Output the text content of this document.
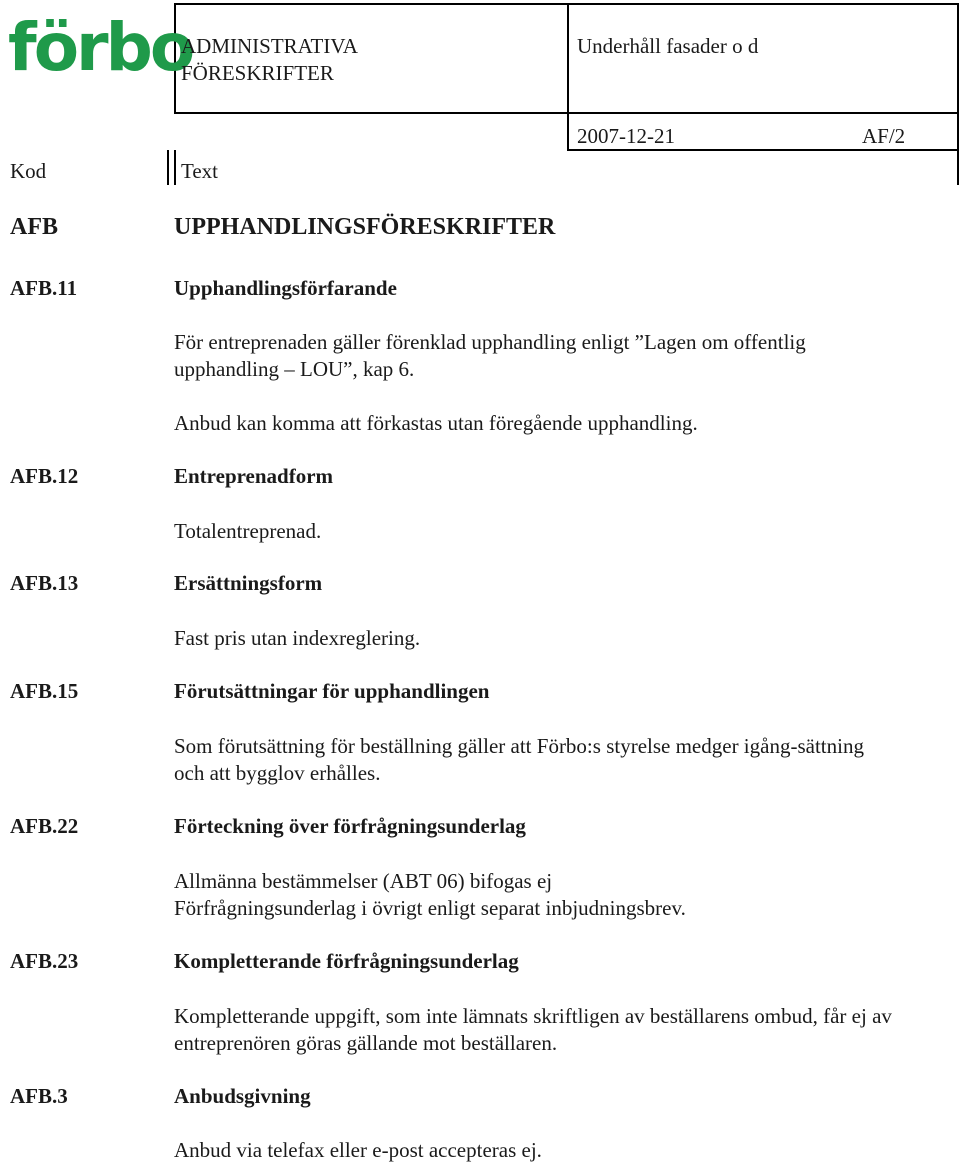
förbo
ADMINISTRATIVA
FÖRESKRIFTER
Underhåll fasader o d
2007-12-21	AF/2
Kod	Text
AFB	UPPHANDLINGSFÖRESKRIFTER
AFB.11	Upphandlingsförfarande
För entreprenaden gäller förenklad upphandling enligt ”Lagen om offentlig upphandling – LOU”, kap 6.
Anbud kan komma att förkastas utan föregående upphandling.
AFB.12	Entreprenadform
Totalentreprenad.
AFB.13	Ersättningsform
Fast pris utan indexreglering.
AFB.15	Förutsättningar för upphandlingen
Som förutsättning för beställning gäller att Förbo:s styrelse medger igång-sättning och att bygglov erhålles.
AFB.22	Förteckning över förfrågningsunderlag
Allmänna bestämmelser (ABT 06) bifogas ej
Förfrågningsunderlag i övrigt enligt separat inbjudningsbrev.
AFB.23	Kompletterande förfrågningsunderlag
Kompletterande uppgift, som inte lämnats skriftligen av beställarens ombud, får ej av entreprenören göras gällande mot beställaren.
AFB.3	Anbudsgivning
Anbud via telefax eller e-post accepteras ej.
